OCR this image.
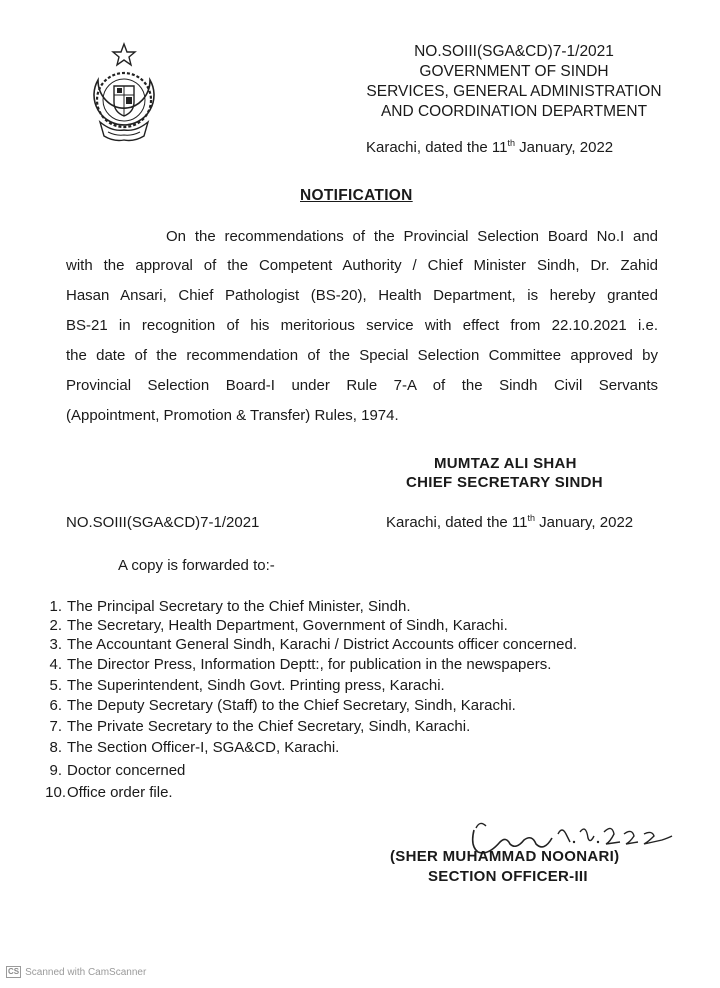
NO.SOIII(SGA&CD)7-1/2021
GOVERNMENT OF SINDH
SERVICES, GENERAL ADMINISTRATION
AND COORDINATION DEPARTMENT
Karachi, dated the 11th January, 2022
NOTIFICATION
On the recommendations of the Provincial Selection Board No.I and
with the approval of the Competent Authority / Chief Minister Sindh, Dr. Zahid
Hasan Ansari, Chief Pathologist (BS-20), Health Department, is hereby granted
BS-21 in recognition of his meritorious service with effect from 22.10.2021 i.e.
the date of the recommendation of the Special Selection Committee approved by
Provincial Selection Board-I under Rule 7-A of the Sindh Civil Servants
(Appointment, Promotion & Transfer) Rules, 1974.
MUMTAZ ALI SHAH
CHIEF SECRETARY SINDH
NO.SOIII(SGA&CD)7-1/2021	Karachi, dated the 11th January, 2022
A copy is forwarded to:-
1. The Principal Secretary to the Chief Minister, Sindh.
2. The Secretary, Health Department, Government of Sindh, Karachi.
3. The Accountant General Sindh, Karachi / District Accounts officer concerned.
4. The Director Press, Information Deptt:, for publication in the newspapers.
5. The Superintendent, Sindh Govt. Printing press, Karachi.
6. The Deputy Secretary (Staff) to the Chief Secretary, Sindh, Karachi.
7. The Private Secretary to the Chief Secretary, Sindh, Karachi.
8. The Section Officer-I, SGA&CD, Karachi.
9. Doctor concerned
10.Office order file.
(SHER MUHAMMAD NOONARI)
SECTION OFFICER-III
CS Scanned with CamScanner
